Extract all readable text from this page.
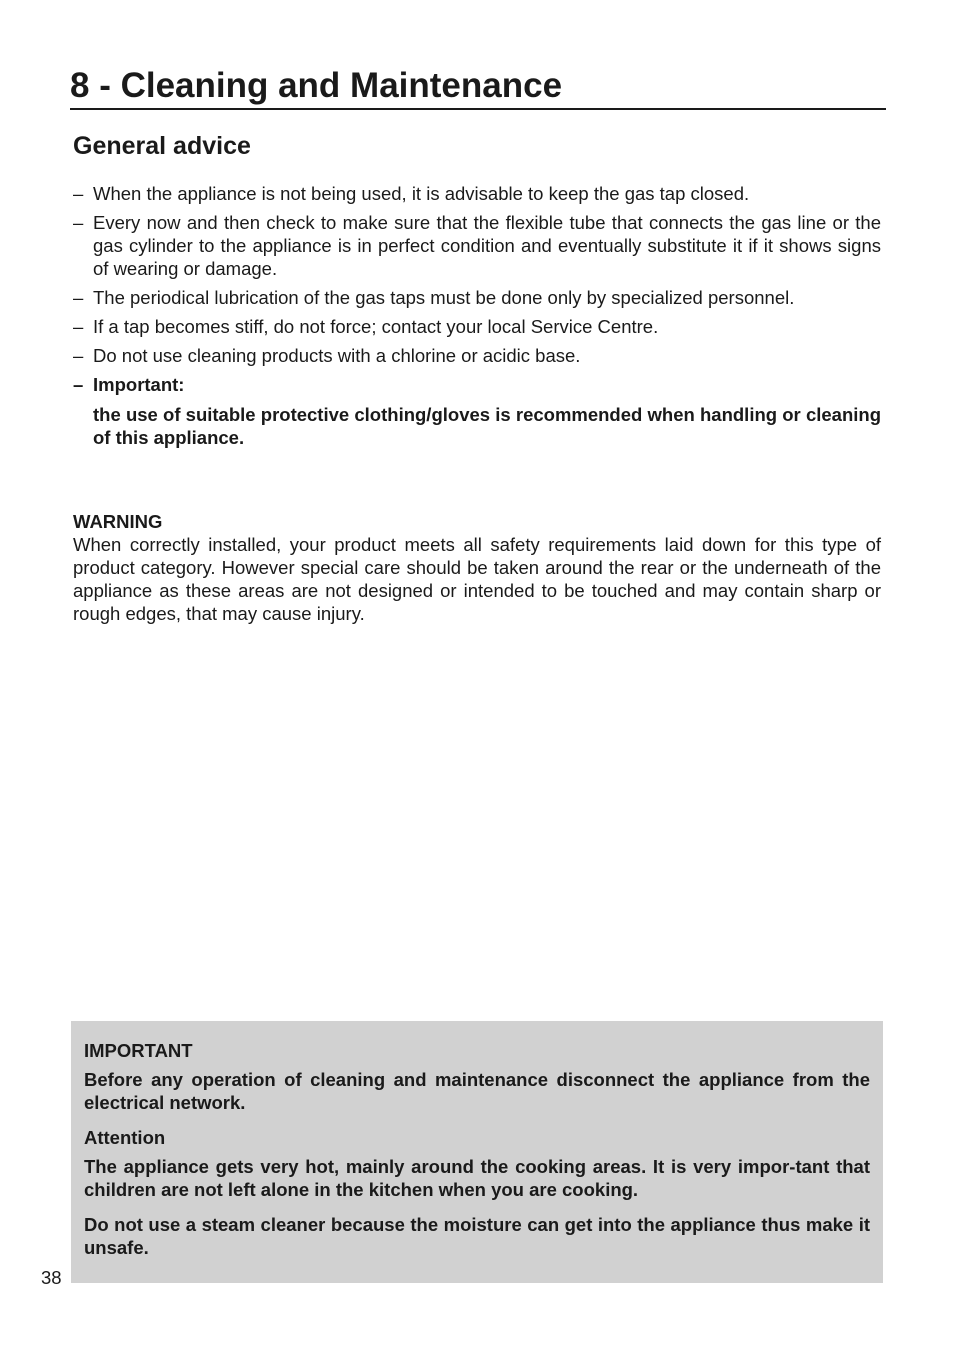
8 - Cleaning and Maintenance
General advice
– When the appliance is not being used, it is advisable to keep the gas tap closed.
– Every now and then check to make sure that the flexible tube that connects the gas line or the gas cylinder to the appliance is in perfect condition and eventually substitute it if it shows signs of wearing or damage.
– The periodical lubrication of the gas taps must be done only by specialized personnel.
– If a tap becomes stiff, do not force; contact your local Service Centre.
– Do not use cleaning products with a chlorine or acidic base.
– Important:

the use of suitable protective clothing/gloves is recommended when handling or cleaning of this appliance.

WARNING

When correctly installed, your product meets all safety requirements laid down for this type of product category. However special care should be taken around the rear or the underneath of the appliance as these areas are not designed or intended to be touched and may contain sharp or rough edges, that may cause injury.

IMPORTANT

Before any operation of cleaning and maintenance disconnect the appliance from the electrical network.

Attention

The appliance gets very hot, mainly around the cooking areas. It is very impor-tant that children are not left alone in the kitchen when you are cooking.

Do not use a steam cleaner because the moisture can get into the appliance thus make it unsafe.

38
